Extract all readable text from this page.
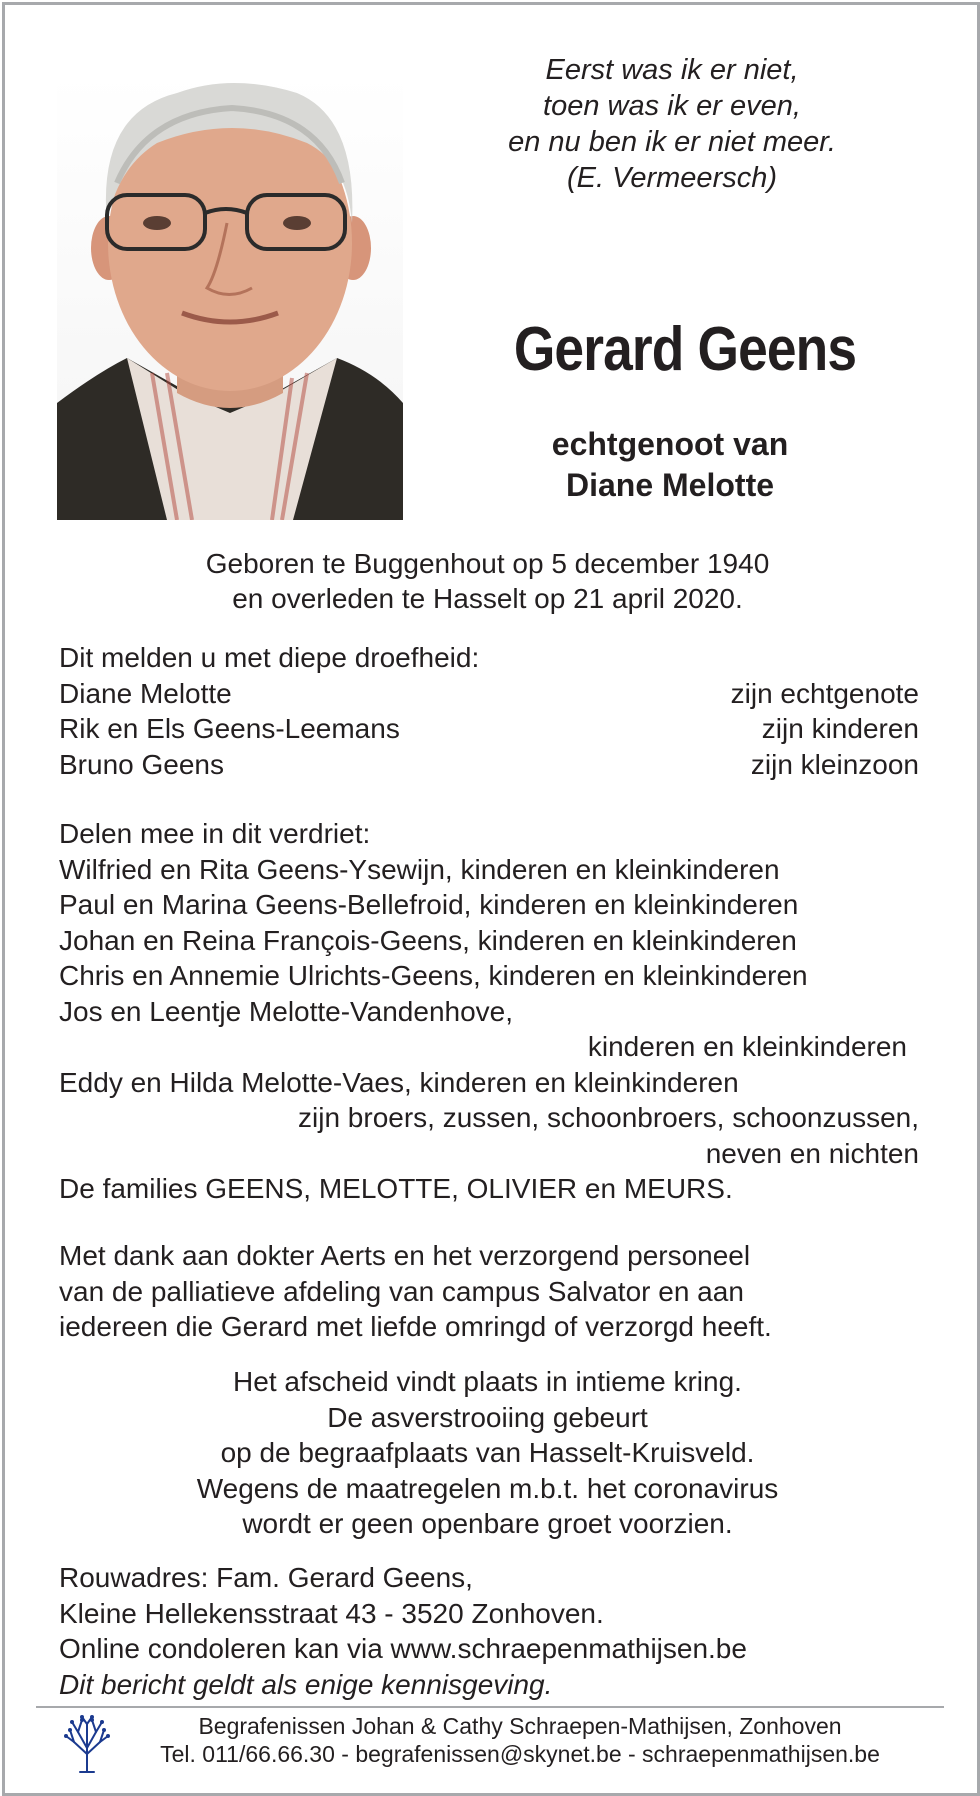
Eerst was ik er niet,
toen was ik er even,
en nu ben ik er niet meer.
(E. Vermeersch)
Gerard Geens
echtgenoot van
Diane Melotte
Geboren te Buggenhout op 5 december 1940
en overleden te Hasselt op 21 april 2020.
Dit melden u met diepe droefheid:
Diane Melotte	zijn echtgenote
Rik en Els Geens-Leemans	zijn kinderen
Bruno Geens	zijn kleinzoon
Delen mee in dit verdriet:
Wilfried en Rita Geens-Ysewijn, kinderen en kleinkinderen
Paul en Marina Geens-Bellefroid, kinderen en kleinkinderen
Johan en Reina François-Geens, kinderen en kleinkinderen
Chris en Annemie Ulrichts-Geens, kinderen en kleinkinderen
Jos en Leentje Melotte-Vandenhove,
kinderen en kleinkinderen
Eddy en Hilda Melotte-Vaes, kinderen en kleinkinderen
zijn broers, zussen, schoonbroers, schoonzussen,
neven en nichten
De families GEENS, MELOTTE, OLIVIER en MEURS.
Met dank aan dokter Aerts en het verzorgend personeel
van de palliatieve afdeling van campus Salvator en aan
iedereen die Gerard met liefde omringd of verzorgd heeft.
Het afscheid vindt plaats in intieme kring.
De asverstrooiing gebeurt
op de begraafplaats van Hasselt-Kruisveld.
Wegens de maatregelen m.b.t. het coronavirus
wordt er geen openbare groet voorzien.
Rouwadres: Fam. Gerard Geens,
Kleine Hellekensstraat 43 - 3520 Zonhoven.
Online condoleren kan via www.schraepenmathijsen.be
Dit bericht geldt als enige kennisgeving.
Begrafenissen Johan & Cathy Schraepen-Mathijsen, Zonhoven
Tel. 011/66.66.30 - begrafenissen@skynet.be - schraepenmathijsen.be
